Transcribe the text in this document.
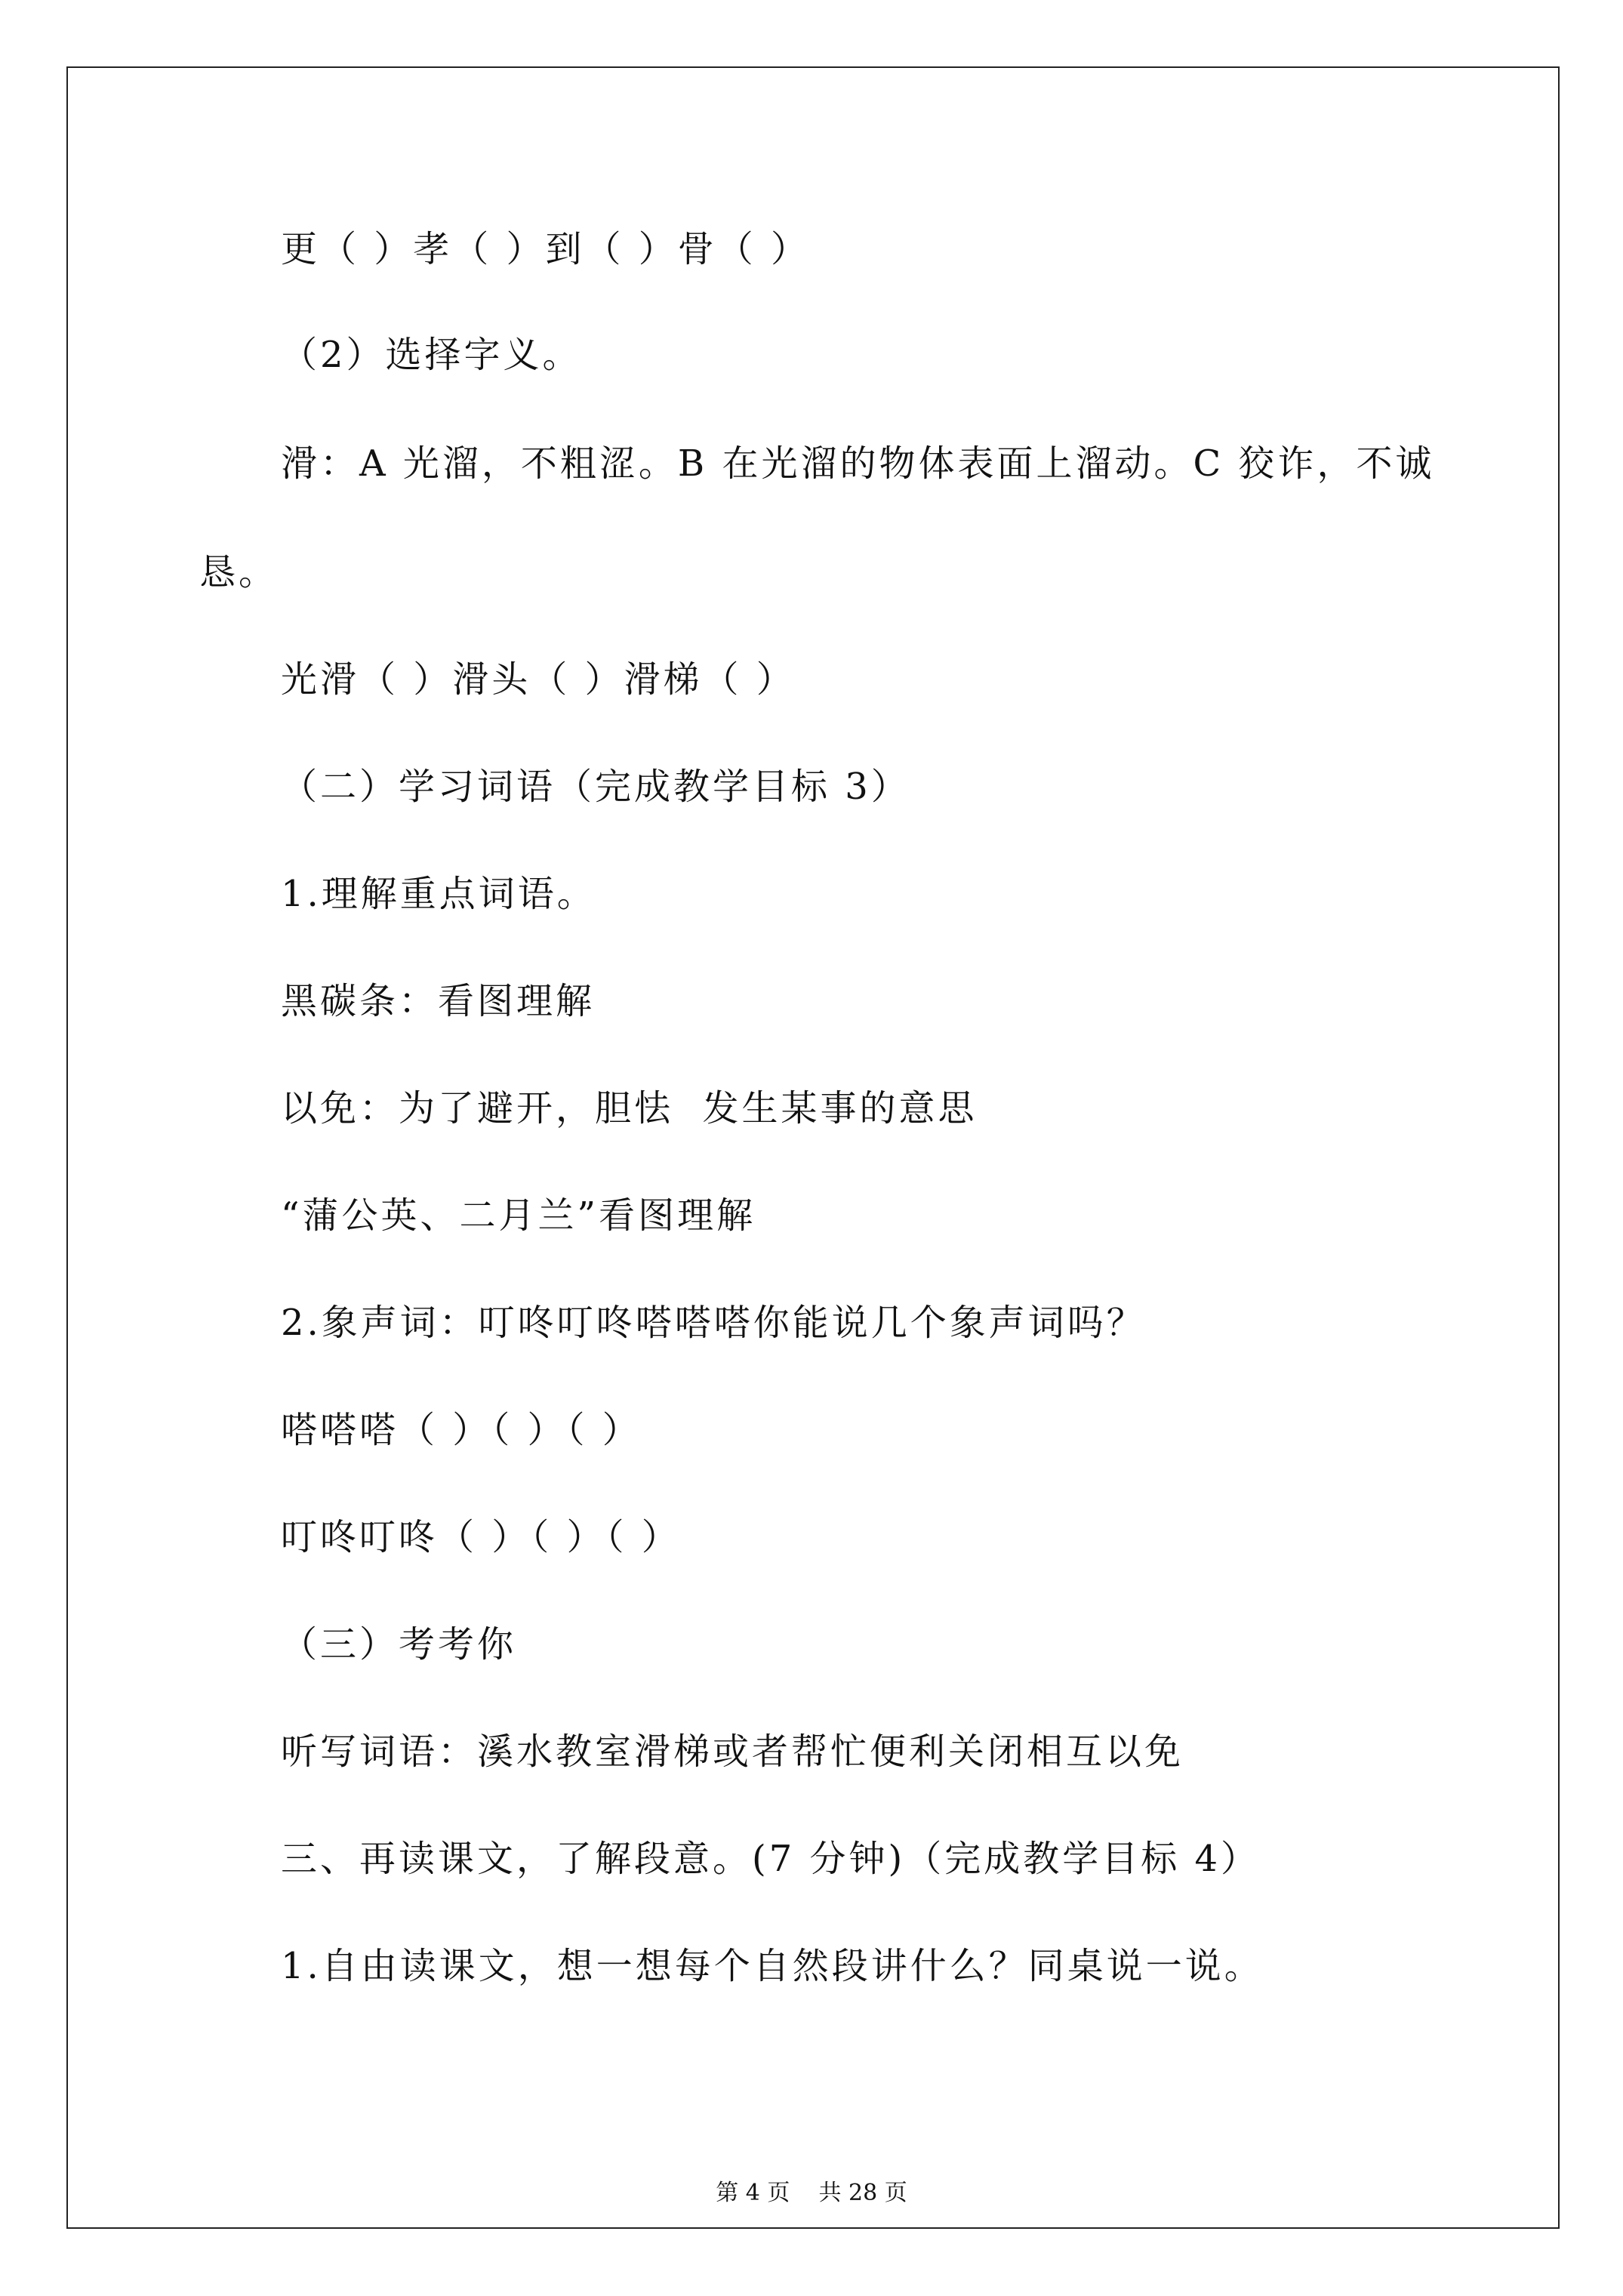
更（ ）孝（ ）到（ ）骨（ ）
（2）选择字义。
滑：A 光溜，不粗涩。B 在光溜的物体表面上溜动。C 狡诈，不诚
恳。
光滑（ ）滑头（ ）滑梯（ ）
（二）学习词语（完成教学目标 3）
1.理解重点词语。
黑碳条：看图理解
以免：为了避开，胆怯  发生某事的意思
“蒲公英、二月兰”看图理解
2.象声词：叮咚叮咚嗒嗒嗒你能说几个象声词吗？
嗒嗒嗒（ ）（ ）（ ）
叮咚叮咚（ ）（ ）（ ）
（三）考考你
听写词语：溪水教室滑梯或者帮忙便利关闭相互以免
三、再读课文，了解段意。(7 分钟)（完成教学目标 4）
1.自由读课文，想一想每个自然段讲什么？同桌说一说。
第 4 页    共 28 页
